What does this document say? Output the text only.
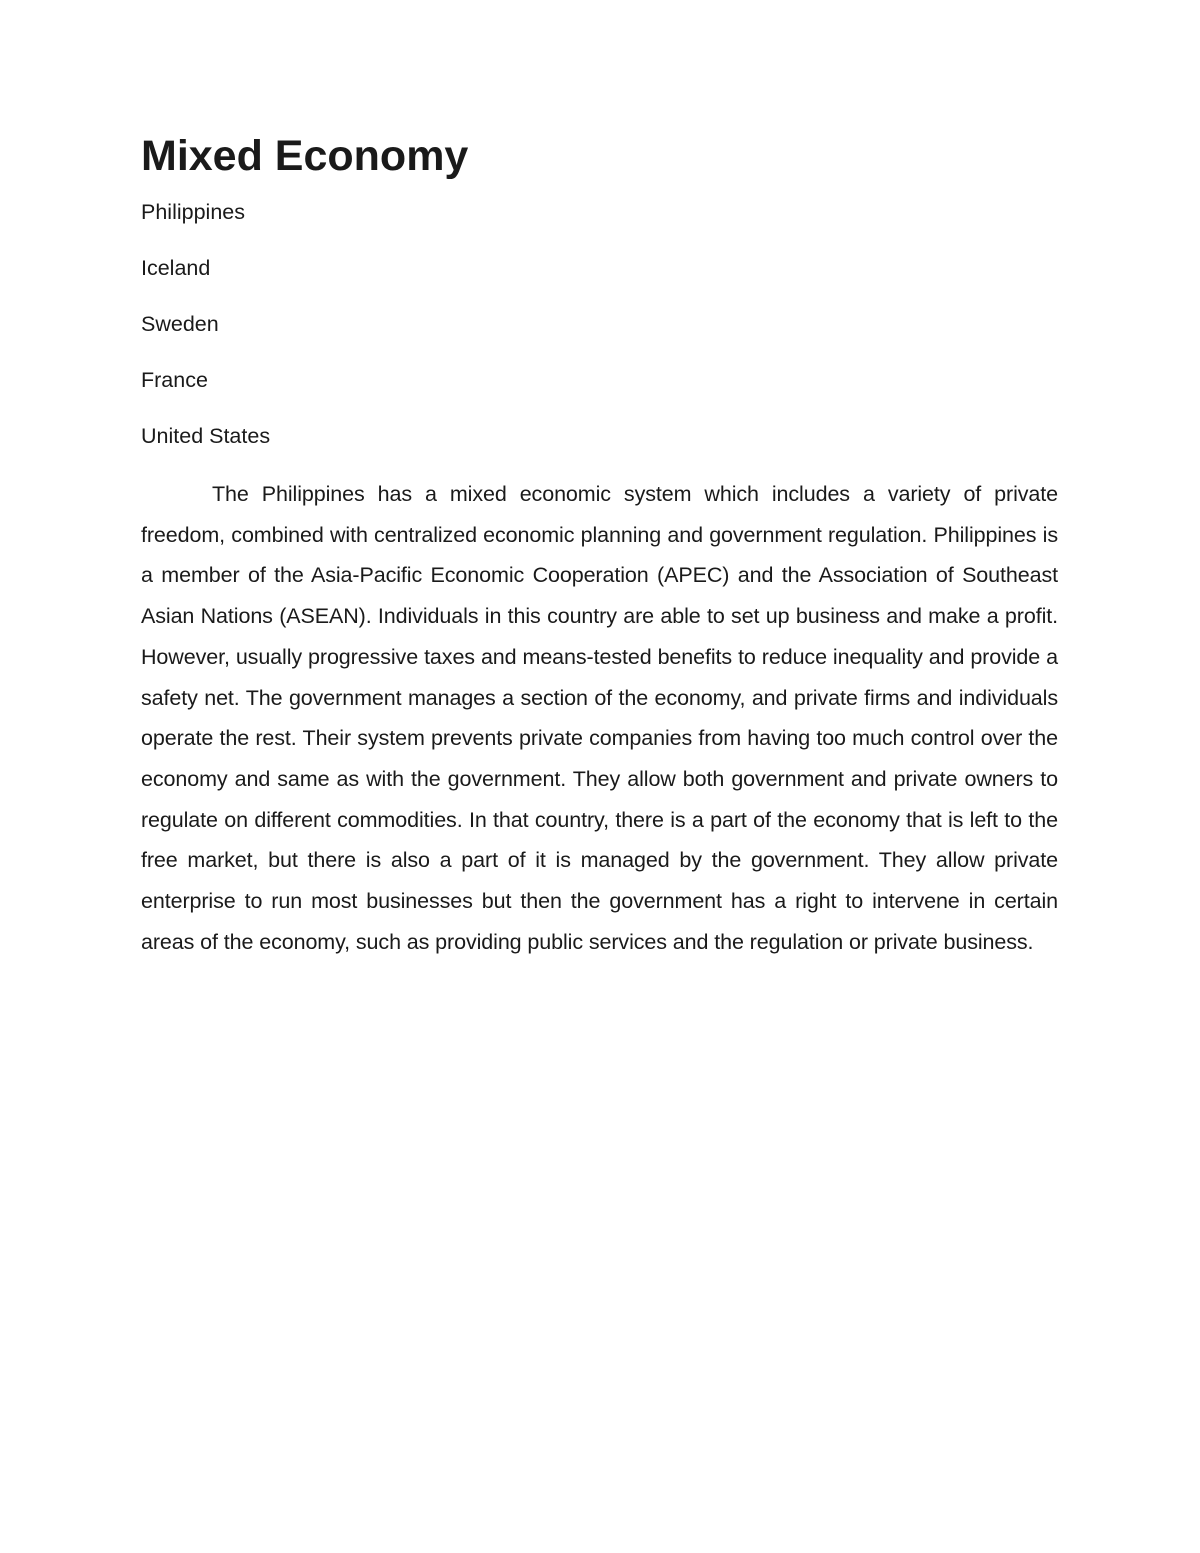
Mixed Economy

Philippines

Iceland

Sweden

France

United States

The Philippines has a mixed economic system which includes a variety of private freedom, combined with centralized economic planning and government regulation. Philippines is a member of the Asia-Pacific Economic Cooperation (APEC) and the Association of Southeast Asian Nations (ASEAN). Individuals in this country are able to set up business and make a profit. However, usually progressive taxes and means-tested benefits to reduce inequality and provide a safety net. The government manages a section of the economy, and private firms and individuals operate the rest. Their system prevents private companies from having too much control over the economy and same as with the government. They allow both government and private owners to regulate on different commodities. In that country, there is a part of the economy that is left to the free market, but there is also a part of it is managed by the government. They allow private enterprise to run most businesses but then the government has a right to intervene in certain areas of the economy, such as providing public services and the regulation or private business.
